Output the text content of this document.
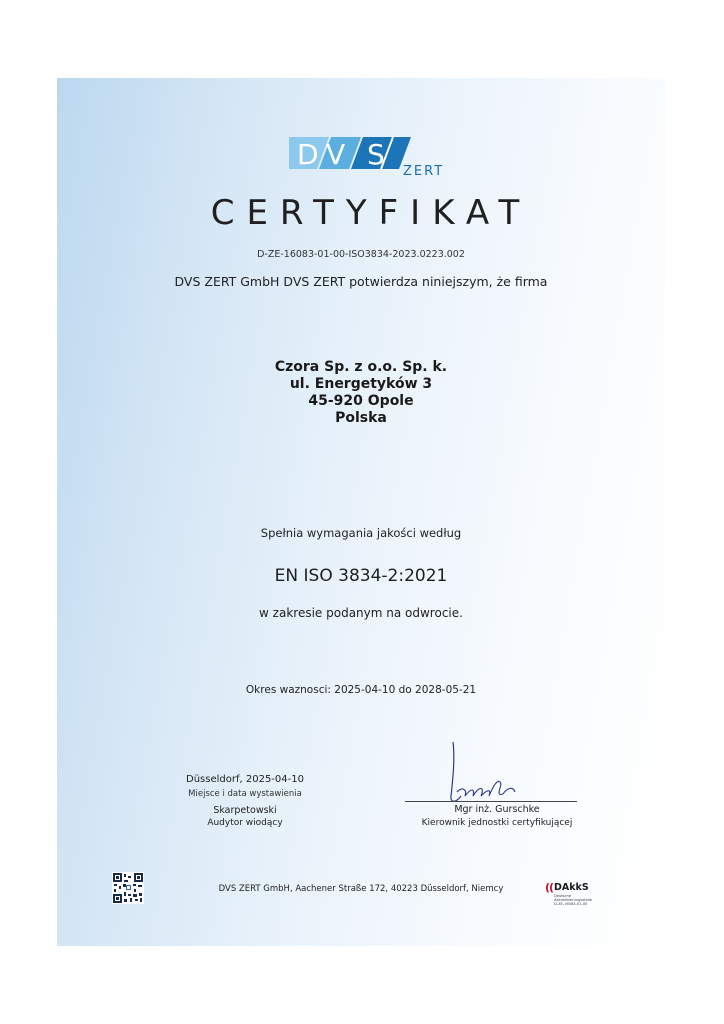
D V S
ZERT
CERTYFIKAT
D-ZE-16083-01-00-ISO3834-2023.0223.002
DVS ZERT GmbH DVS ZERT potwierdza niniejszym, że firma
Czora Sp. z o.o. Sp. k.
ul. Energetyków 3
45-920 Opole
Polska
Spełnia wymagania jakości według
EN ISO 3834-2:2021
w zakresie podanym na odwrocie.
Okres waznosci: 2025-04-10 do 2028-05-21
Düsseldorf, 2025-04-10
Miejsce i data wystawienia
Skarpetowski
Audytor wiodący
Mgr inż. Gurschke
Kierownik jednostki certyfikującej
DVS ZERT GmbH, Aachener Straße 172, 40223 Düsseldorf, Niemcy	(( DAkkS
Deutsche
Akkreditierungsstelle
D-ZE-16083-01-00
